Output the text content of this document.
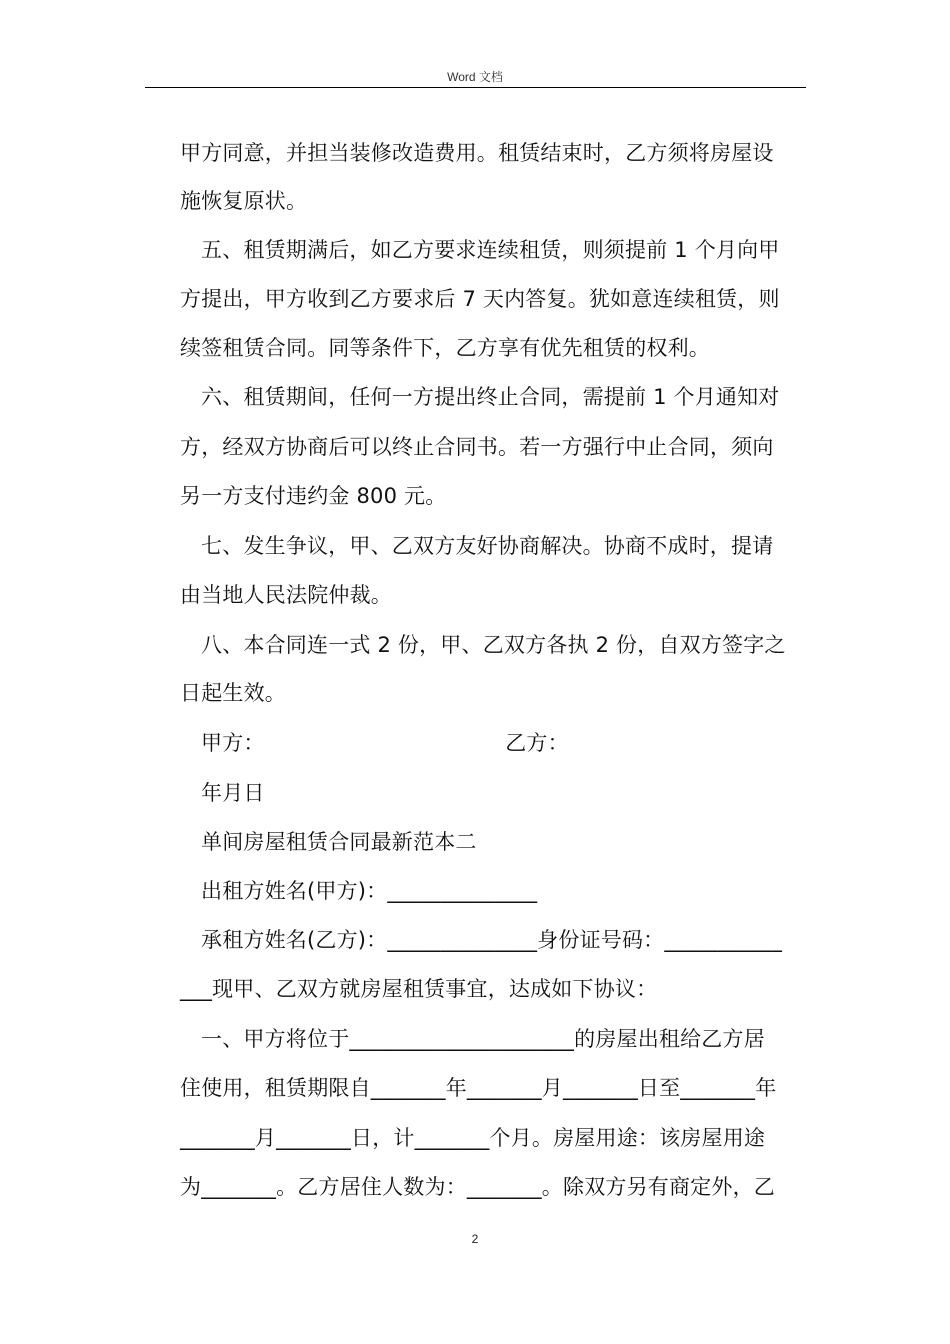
Word 文档
甲方同意，并担当装修改造费用。租赁结束时，乙方须将房屋设
施恢复原状。
五、租赁期满后，如乙方要求连续租赁，则须提前 1 个月向甲
方提出，甲方收到乙方要求后 7 天内答复。犹如意连续租赁，则
续签租赁合同。同等条件下，乙方享有优先租赁的权利。
六、租赁期间，任何一方提出终止合同，需提前 1 个月通知对
方，经双方协商后可以终止合同书。若一方强行中止合同，须向
另一方支付违约金 800 元。
七、发生争议，甲、乙双方友好协商解决。协商不成时，提请
由当地人民法院仲裁。
八、本合同连一式 2 份，甲、乙双方各执 2 份，自双方签字之
日起生效。
甲方：                                   乙方：
年月日
单间房屋租赁合同最新范本二
出租方姓名(甲方)：______________
承租方姓名(乙方)：______________身份证号码：___________
___现甲、乙双方就房屋租赁事宜，达成如下协议：
一、甲方将位于_____________________的房屋出租给乙方居
住使用，租赁期限自_______年_______月_______日至_______年
_______月_______日，计_______个月。房屋用途：该房屋用途
为_______。乙方居住人数为：_______。除双方另有商定外，乙
2
